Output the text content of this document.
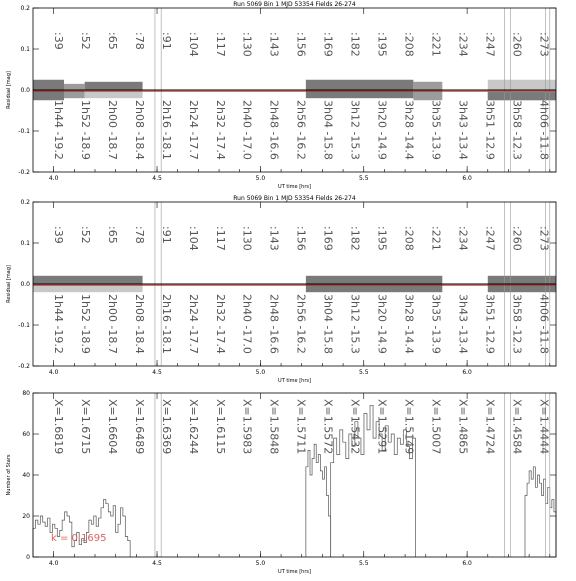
:39 :52 :65 :78 :91 :104 :117 :130 :143 :156 :169 :182 :195 :208 :221 :234 :247 :260 :273
1h44 -19.2 1h52 -18.9 2h00 -18.7 2h08 -18.4 2h16 -18.1 2h24 -17.7 2h32 -17.4 2h40 -17.0 2h48 -16.6 2h56 -16.2 3h04 -15.8 3h12 -15.3 3h20 -14.9 3h28 -14.4 3h35 -13.9 3h43 -13.4 3h51 -12.9 3h58 -12.3 4h06 -11.8
4.0	4.5	5.0	5.5	6.0
-0.2
-0.1
0.0
0.1
0.2
Run 5069 Bin 1 MJD 53354 Fields 26-274
UT time [hrs]
Residual [mag]
:39 :52 :65 :78 :91 :104 :117 :130 :143 :156 :169 :182 :195 :208 :221 :234 :247 :260 :273
1h44 -19.2 1h52 -18.9 2h00 -18.7 2h08 -18.4 2h16 -18.1 2h24 -17.7 2h32 -17.4 2h40 -17.0 2h48 -16.6 2h56 -16.2 3h04 -15.8 3h12 -15.3 3h20 -14.9 3h28 -14.4 3h35 -13.9 3h43 -13.4 3h51 -12.9 3h58 -12.3 4h06 -11.8
4.0	4.5	5.0	5.5	6.0
-0.2
-0.1
0.0
0.1
0.2
Run 5069 Bin 1 MJD 53354 Fields 26-274
UT time [hrs]
Residual [mag]
X=1.6819 X=1.6715 X=1.6604 X=1.6489 X=1.6369 X=1.6244 X=1.6115 X=1.5983 X=1.5848 X=1.5711 X=1.5572 X=1.5432 X=1.5291 X=1.5149 X=1.5007 X=1.4865 X=1.4724 X=1.4584 X=1.4444
4.0	4.5	5.0	5.5	6.0
0
20
40
60
80
UT time [hrs]
Number of Stars
k = 0.1695
